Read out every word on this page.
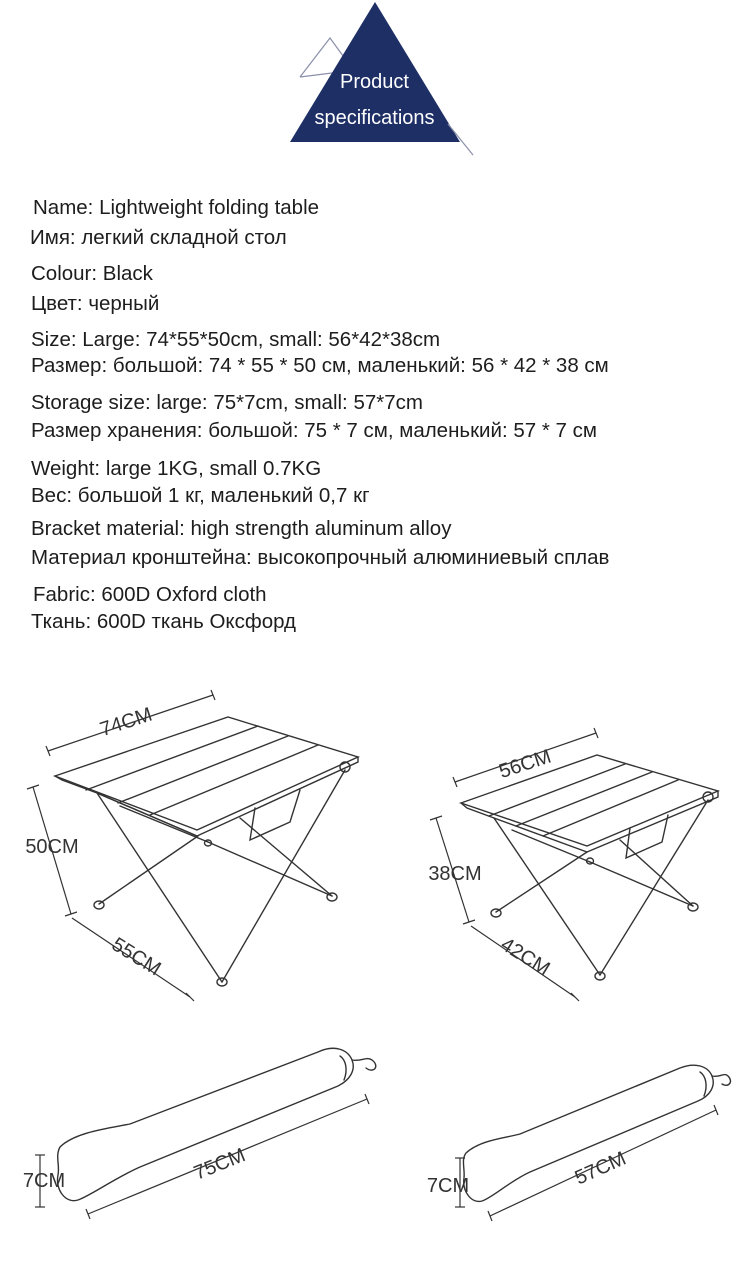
Product
specifications
Name: Lightweight folding table
Имя: легкий складной стол
Colour: Black
Цвет: черный
Size: Large: 74*55*50cm, small: 56*42*38cm
Размер: большой: 74 * 55 * 50 см, маленький: 56 * 42 * 38 см
Storage size: large: 75*7cm, small: 57*7cm
Размер хранения: большой: 75 * 7 см, маленький: 57 * 7 см
Weight: large 1KG, small 0.7KG
Вес: большой 1 кг, маленький 0,7 кг
Bracket material: high strength aluminum alloy
Материал кронштейна: высокопрочный алюминиевый сплав
Fabric: 600D Oxford cloth
Ткань: 600D ткань Оксфорд
74CM
50CM
55CM
56CM
38CM
42CM
75CM
7CM	57CM
7CM
